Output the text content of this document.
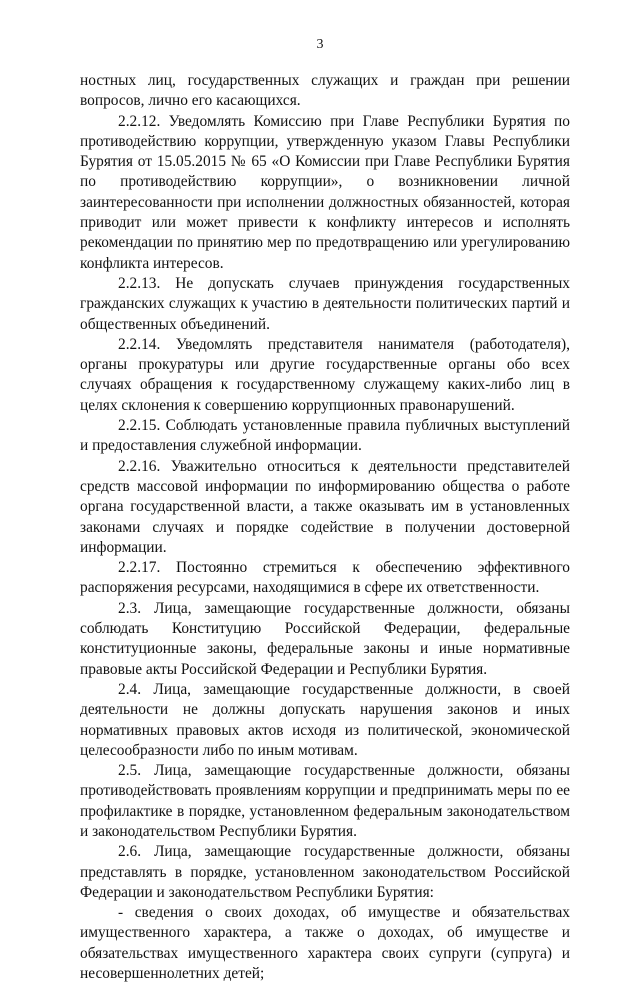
3

ностных лиц, государственных служащих и граждан при решении вопросов, лично его касающихся.

2.2.12. Уведомлять Комиссию при Главе Республики Бурятия по противодействию коррупции, утвержденную указом Главы Республики Бурятия от 15.05.2015 № 65 «О Комиссии при Главе Республики Бурятия по противодействию коррупции», о возникновении личной заинтересованности при исполнении должностных обязанностей, которая приводит или может привести к конфликту интересов и исполнять рекомендации по принятию мер по предотвращению или урегулированию конфликта интересов.

2.2.13. Не допускать случаев принуждения государственных гражданских служащих к участию в деятельности политических партий и общественных объединений.

2.2.14. Уведомлять представителя нанимателя (работодателя), органы прокуратуры или другие государственные органы обо всех случаях обращения к государственному служащему каких-либо лиц в целях склонения к совершению коррупционных правонарушений.

2.2.15. Соблюдать установленные правила публичных выступлений и предоставления служебной информации.

2.2.16. Уважительно относиться к деятельности представителей средств массовой информации по информированию общества о работе органа государственной власти, а также оказывать им в установленных законами случаях и порядке содействие в получении достоверной информации.

2.2.17. Постоянно стремиться к обеспечению эффективного распоряжения ресурсами, находящимися в сфере их ответственности.

2.3. Лица, замещающие государственные должности, обязаны соблюдать Конституцию Российской Федерации, федеральные конституционные законы, федеральные законы и иные нормативные правовые акты Российской Федерации и Республики Бурятия.

2.4. Лица, замещающие государственные должности, в своей деятельности не должны допускать нарушения законов и иных нормативных правовых актов исходя из политической, экономической целесообразности либо по иным мотивам.

2.5. Лица, замещающие государственные должности, обязаны противодействовать проявлениям коррупции и предпринимать меры по ее профилактике в порядке, установленном федеральным законодательством и законодательством Республики Бурятия.

2.6. Лица, замещающие государственные должности, обязаны представлять в порядке, установленном законодательством Российской Федерации и законодательством Республики Бурятия:

- сведения о своих доходах, об имуществе и обязательствах имущественного характера, а также о доходах, об имуществе и обязательствах имущественного характера своих супруги (супруга) и несовершеннолетних детей;
